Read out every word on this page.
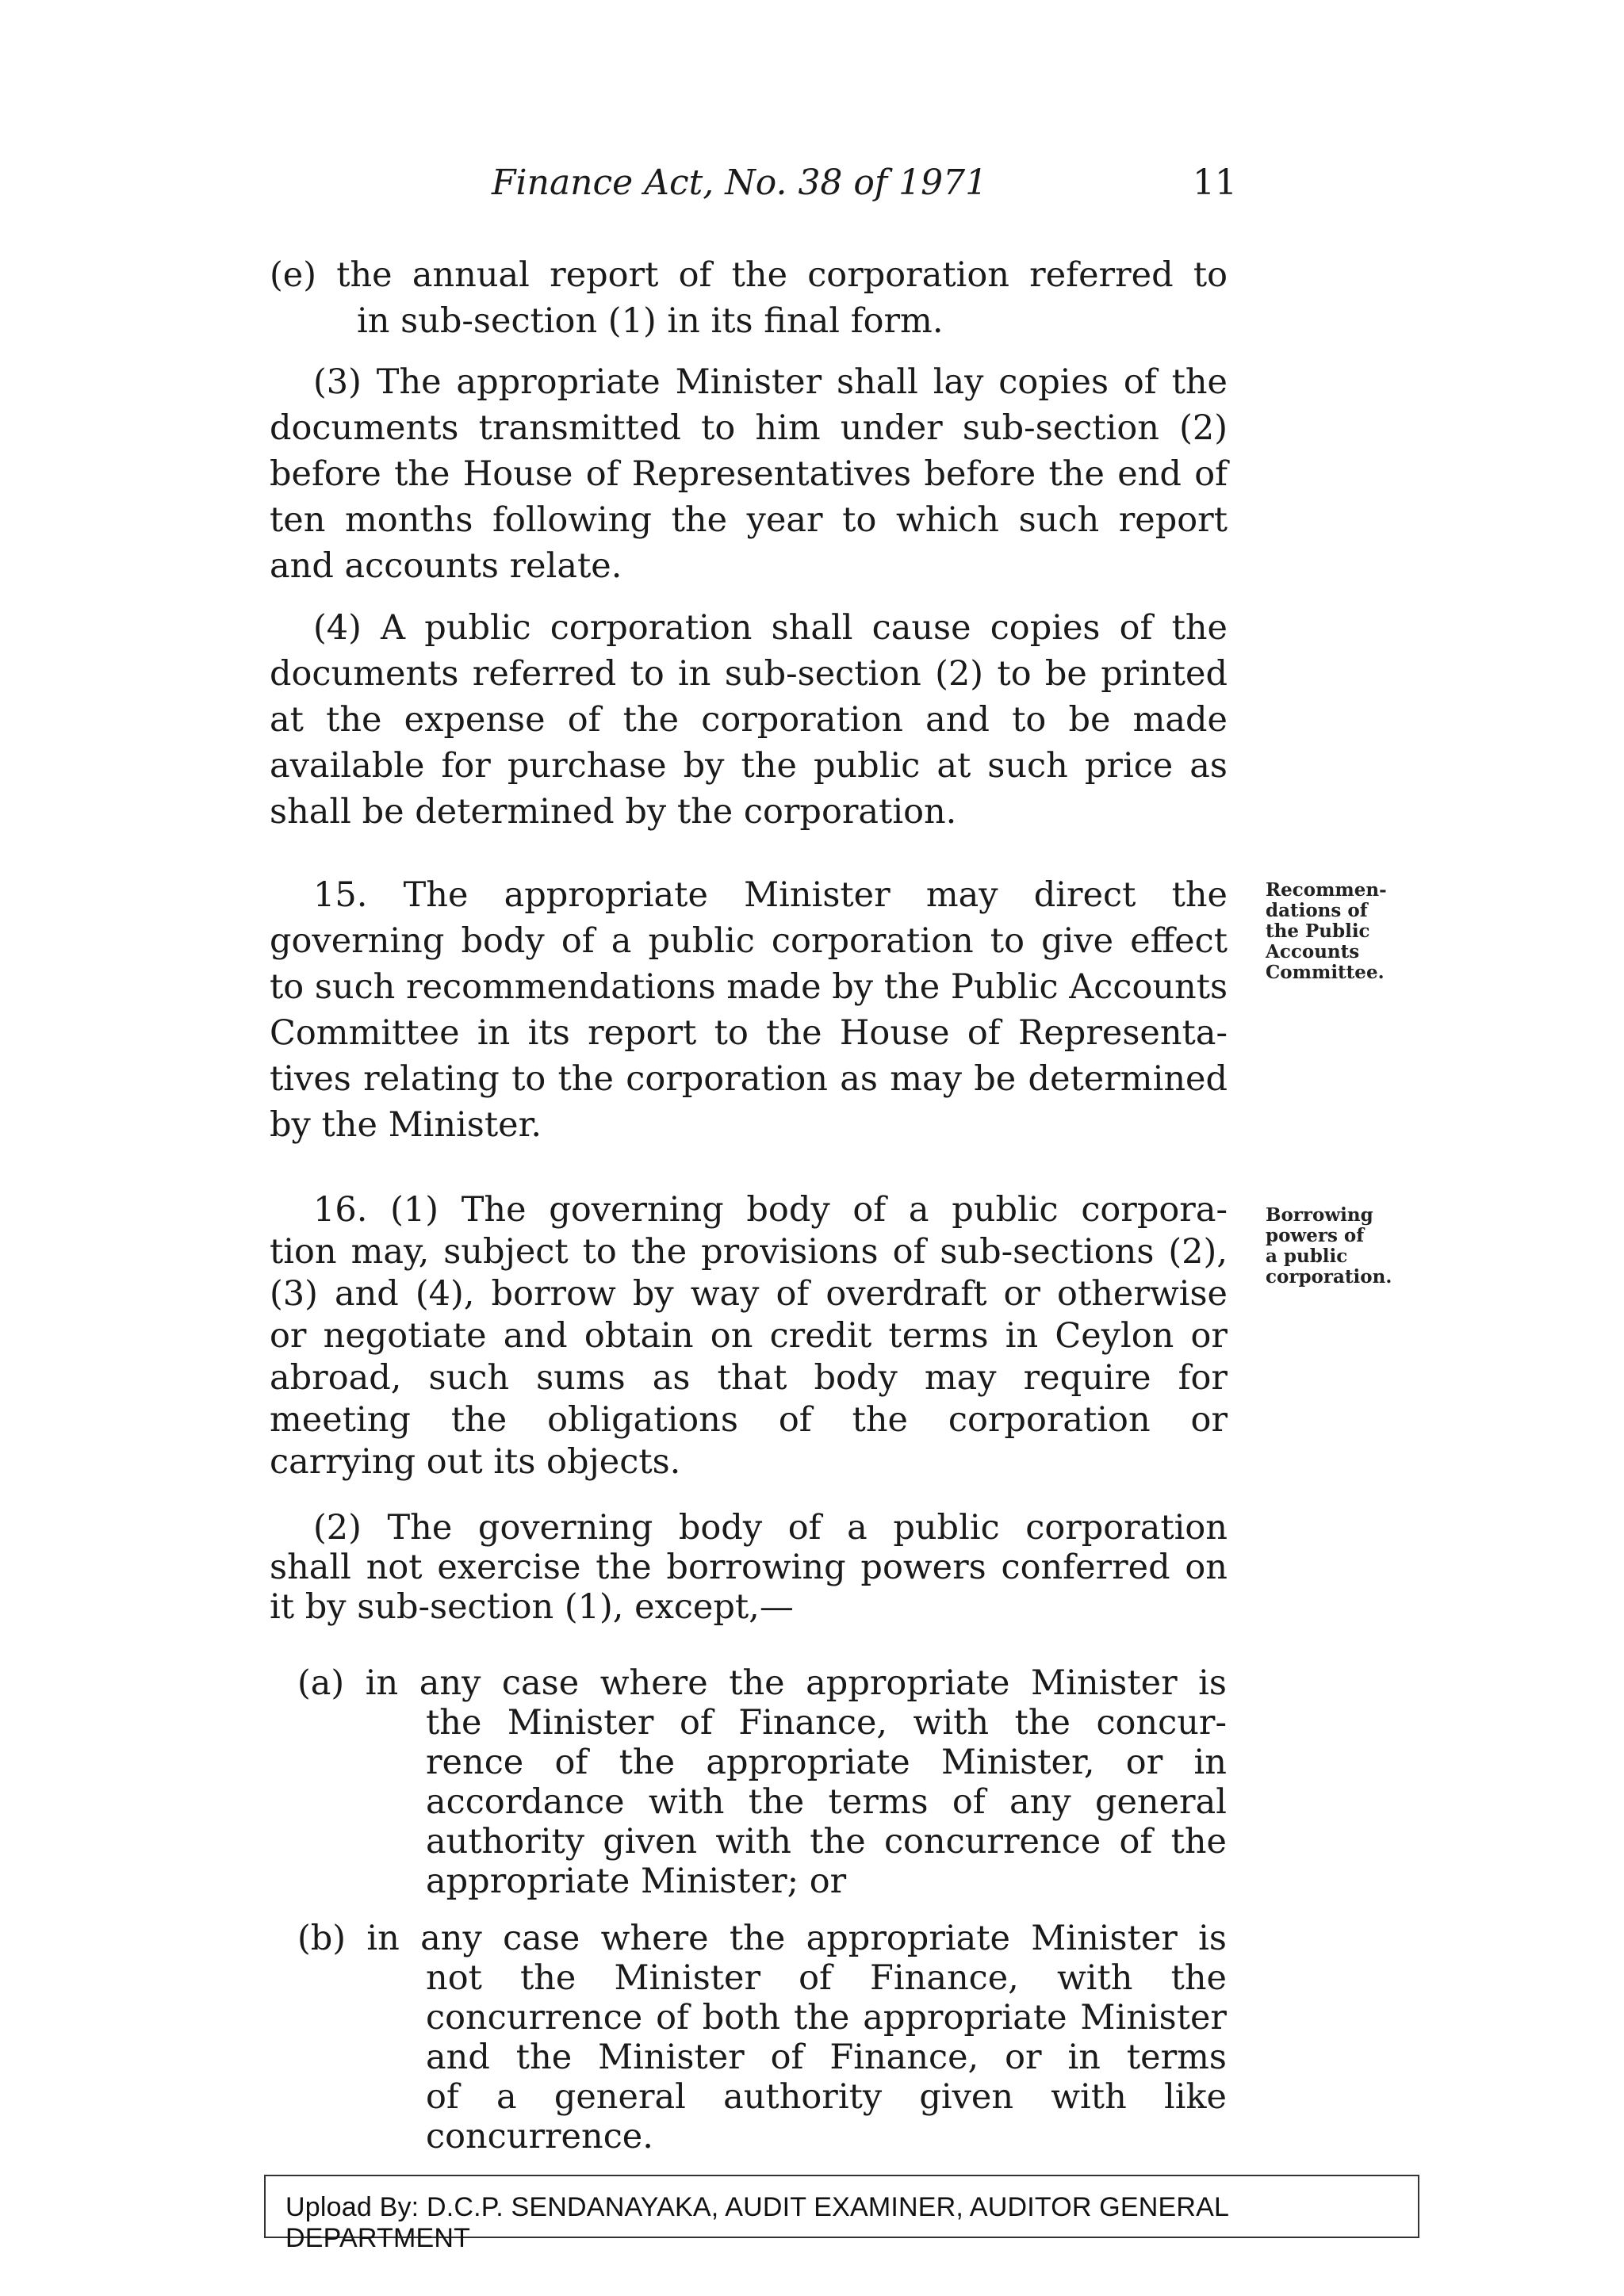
Finance Act, No. 38 of 1971	11
(e) the annual report of the corporation referred to
in sub-section (1) in its final form.
(3) The appropriate Minister shall lay copies of the
documents transmitted to him under sub-section (2)
before the House of Representatives before the end of
ten months following the year to which such report
and accounts relate.
(4) A public corporation shall cause copies of the
documents referred to in sub-section (2) to be printed
at the expense of the corporation and to be made
available for purchase by the public at such price as
shall be determined by the corporation.
15. The appropriate Minister may direct the
governing body of a public corporation to give effect
to such recommendations made by the Public Accounts
Committee in its report to the House of Representa-
tives relating to the corporation as may be determined
by the Minister.
Recommen-
dations of
the Public
Accounts
Committee.
16. (1) The governing body of a public corpora-
tion may, subject to the provisions of sub-sections (2),
(3) and (4), borrow by way of overdraft or otherwise
or negotiate and obtain on credit terms in Ceylon or
abroad, such sums as that body may require for
meeting the obligations of the corporation or
carrying out its objects.
Borrowing
powers of
a public
corporation.
(2) The governing body of a public corporation
shall not exercise the borrowing powers conferred on
it by sub-section (1), except,—
(a) in any case where the appropriate Minister is
the Minister of Finance, with the concur-
rence of the appropriate Minister, or in
accordance with the terms of any general
authority given with the concurrence of the
appropriate Minister; or
(b) in any case where the appropriate Minister is
not the Minister of Finance, with the
concurrence of both the appropriate Minister
and the Minister of Finance, or in terms
of a general authority given with like
concurrence.
Upload By: D.C.P. SENDANAYAKA, AUDIT EXAMINER, AUDITOR GENERAL DEPARTMENT
